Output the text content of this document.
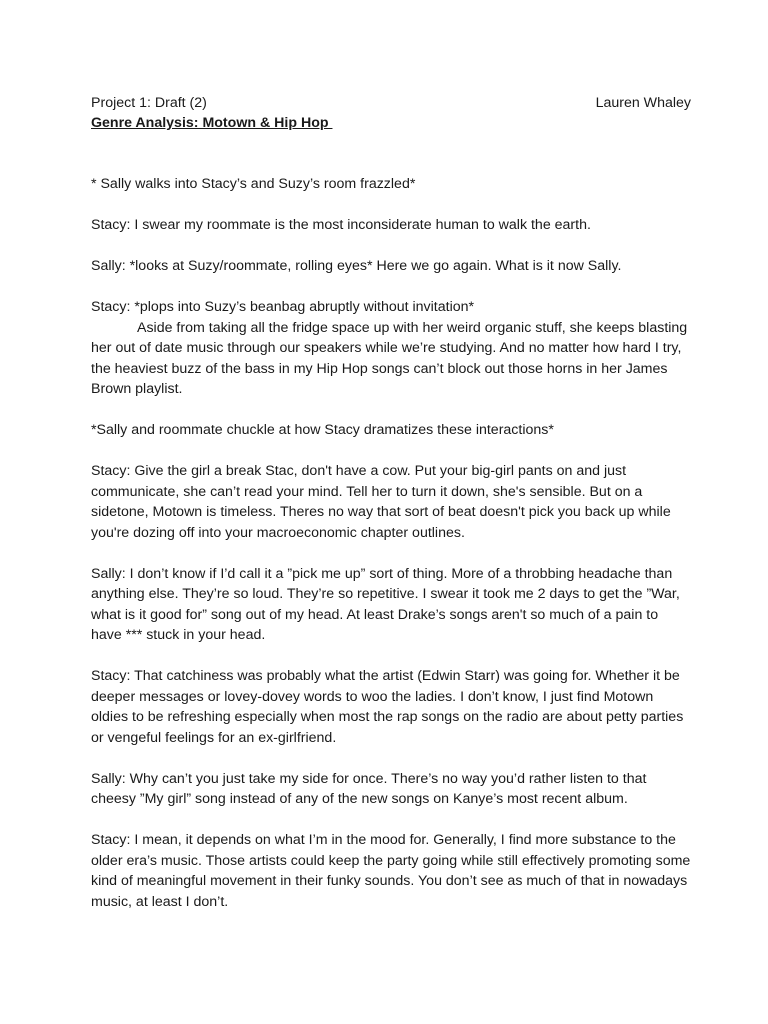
Project 1: Draft (2)	Lauren Whaley
Genre Analysis: Motown & Hip Hop

* Sally walks into Stacy’s and Suzy’s room frazzled*

Stacy: I swear my roommate is the most inconsiderate human to walk the earth.

Sally: *looks at Suzy/roommate, rolling eyes* Here we go again. What is it now Sally.

Stacy: *plops into Suzy’s beanbag abruptly without invitation*

Aside from taking all the fridge space up with her weird organic stuff, she keeps blasting her out of date music through our speakers while we’re studying. And no matter how hard I try, the heaviest buzz of the bass in my Hip Hop songs can’t block out those horns in her James Brown playlist.

*Sally and roommate chuckle at how Stacy dramatizes these interactions*

Stacy: Give the girl a break Stac, don't have a cow. Put your big-girl pants on and just communicate, she can’t read your mind. Tell her to turn it down, she's sensible. But on a sidetone, Motown is timeless. Theres no way that sort of beat doesn't pick you back up while you're dozing off into your macroeconomic chapter outlines.

Sally: I don’t know if I’d call it a ”pick me up” sort of thing. More of a throbbing headache than anything else. They’re so loud. They’re so repetitive. I swear it took me 2 days to get the ”War, what is it good for” song out of my head. At least Drake’s songs aren't so much of a pain to have *** stuck in your head.

Stacy: That catchiness was probably what the artist (Edwin Starr) was going for. Whether it be deeper messages or lovey-dovey words to woo the ladies. I don’t know, I just find Motown oldies to be refreshing especially when most the rap songs on the radio are about petty parties or vengeful feelings for an ex-girlfriend.

Sally: Why can’t you just take my side for once. There’s no way you’d rather listen to that cheesy ”My girl” song instead of any of the new songs on Kanye’s most recent album.

Stacy: I mean, it depends on what I’m in the mood for. Generally, I find more substance to the older era’s music. Those artists could keep the party going while still effectively promoting some kind of meaningful movement in their funky sounds. You don’t see as much of that in nowadays music, at least I don’t.
